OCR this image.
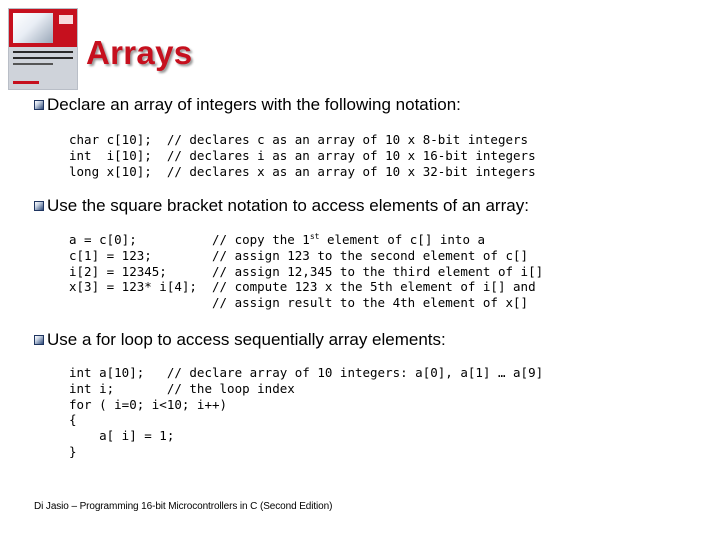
Arrays
Declare an array of integers with the following notation:
char c[10];  // declares c as an array of 10 x 8-bit integers
int  i[10];  // declares i as an array of 10 x 16-bit integers
long x[10];  // declares x as an array of 10 x 32-bit integers
Use the square bracket notation to access elements of an array:
a = c[0];          // copy the 1st element of c[] into a
c[1] = 123;        // assign 123 to the second element of c[]
i[2] = 12345;      // assign 12,345 to the third element of i[]
x[3] = 123* i[4];  // compute 123 x the 5th element of i[] and
// assign result to the 4th element of x[]
Use a for loop to access sequentially array elements:
int a[10];   // declare array of 10 integers: a[0], a[1] … a[9]
int i;       // the loop index
for ( i=0; i<10; i++)
{
a[ i] = 1;
}
Di Jasio – Programming 16-bit Microcontrollers in C (Second Edition)
